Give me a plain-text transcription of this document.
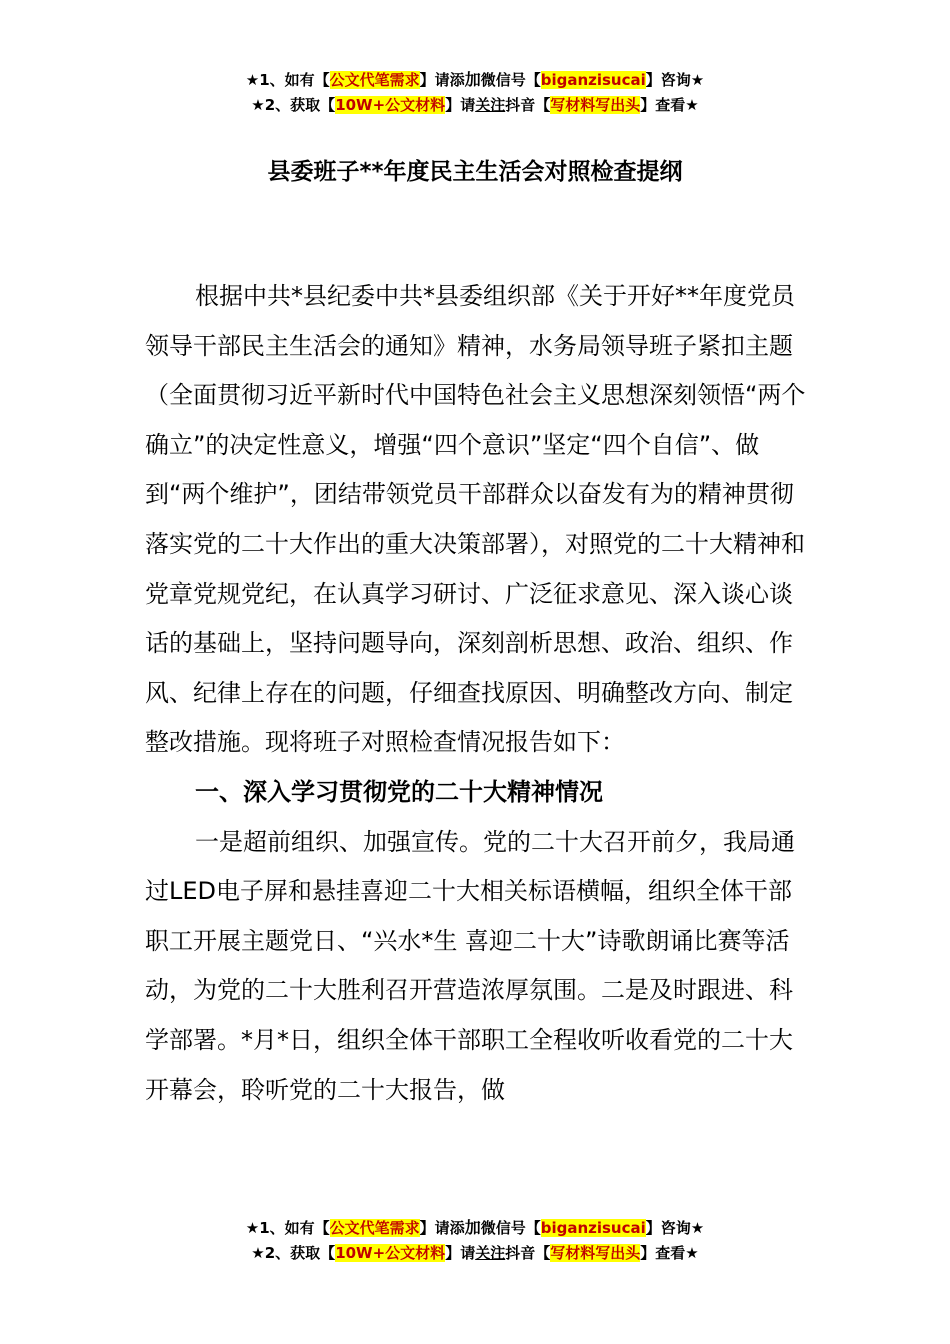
★1、如有【公文代笔需求】请添加微信号【biganzisucai】咨询★
★2、获取【10W+公文材料】请关注抖音【写材料写出头】查看★
县委班子**年度民主生活会对照检查提纲

根据中共*县纪委中共*县委组织部《关于开好**年度党员领导干部民主生活会的通知》精神，水务局领导班子紧扣主题（全面贯彻习近平新时代中国特色社会主义思想深刻领悟“两个确立”的决定性意义，增强“四个意识”坚定“四个自信”、做到“两个维护”，团结带领党员干部群众以奋发有为的精神贯彻落实党的二十大作出的重大决策部署），对照党的二十大精神和党章党规党纪，在认真学习研讨、广泛征求意见、深入谈心谈话的基础上，坚持问题导向，深刻剖析思想、政治、组织、作风、纪律上存在的问题，仔细查找原因、明确整改方向、制定整改措施。现将班子对照检查情况报告如下：

一、深入学习贯彻党的二十大精神情况

一是超前组织、加强宣传。党的二十大召开前夕，我局通过LED电子屏和悬挂喜迎二十大相关标语横幅，组织全体干部职工开展主题党日、“兴水*生 喜迎二十大”诗歌朗诵比赛等活动，为党的二十大胜利召开营造浓厚氛围。二是及时跟进、科学部署。*月*日，组织全体干部职工全程收听收看党的二十大开幕会，聆听党的二十大报告，做

★1、如有【公文代笔需求】请添加微信号【biganzisucai】咨询★
★2、获取【10W+公文材料】请关注抖音【写材料写出头】查看★
